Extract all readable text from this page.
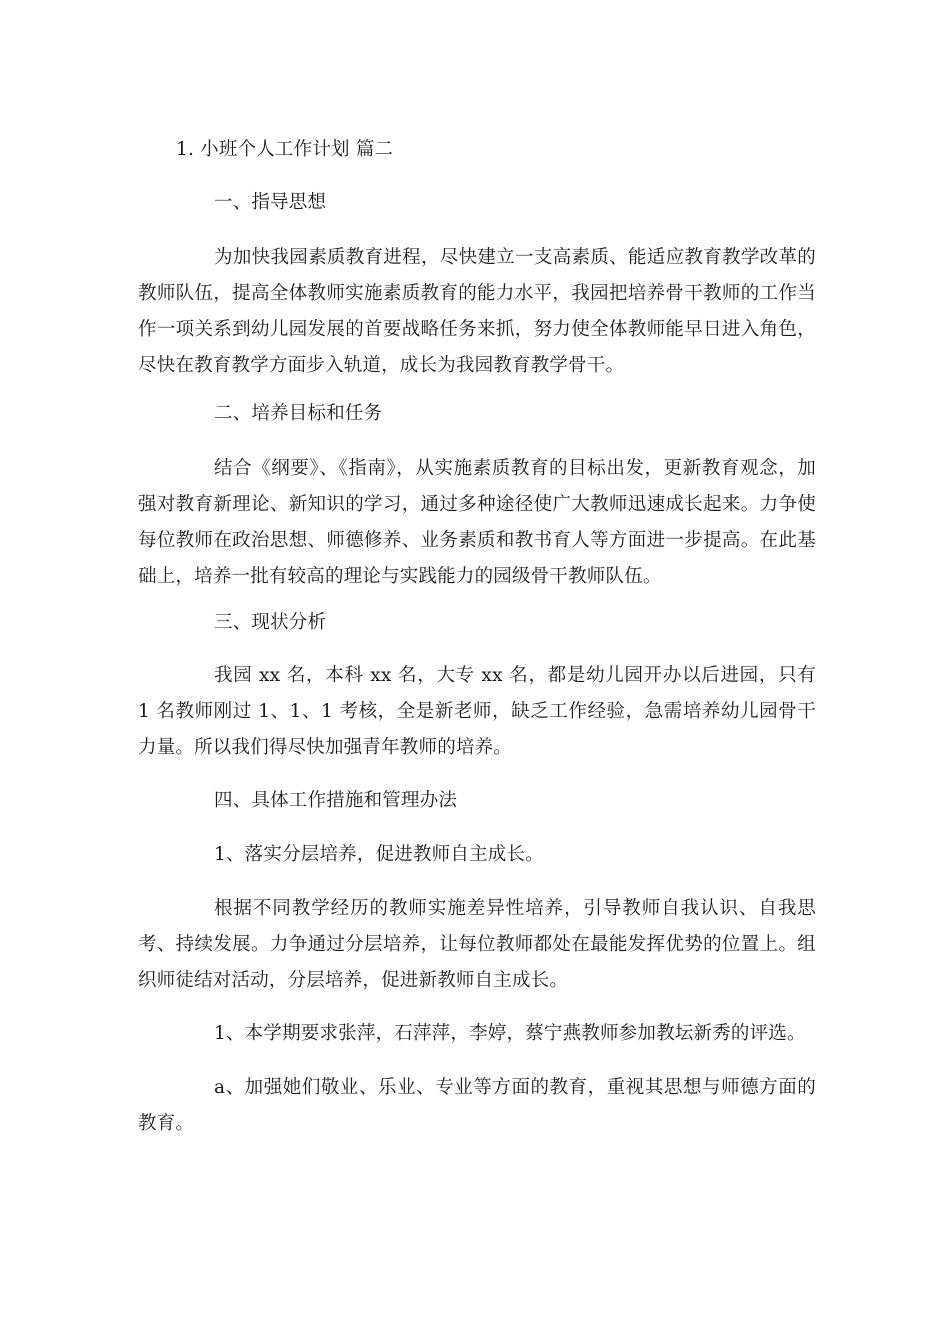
1. 小班个人工作计划 篇二
一、指导思想
为加快我园素质教育进程，尽快建立一支高素质、能适应教育教学改革的教师队伍，提高全体教师实施素质教育的能力水平，我园把培养骨干教师的工作当作一项关系到幼儿园发展的首要战略任务来抓，努力使全体教师能早日进入角色，尽快在教育教学方面步入轨道，成长为我园教育教学骨干。
二、培养目标和任务
结合《纲要》、《指南》，从实施素质教育的目标出发，更新教育观念，加强对教育新理论、新知识的学习，通过多种途径使广大教师迅速成长起来。力争使每位教师在政治思想、师德修养、业务素质和教书育人等方面进一步提高。在此基础上，培养一批有较高的理论与实践能力的园级骨干教师队伍。
三、现状分析
我园 xx 名，本科 xx 名，大专 xx 名，都是幼儿园开办以后进园，只有 1 名教师刚过 1、1、1 考核，全是新老师，缺乏工作经验，急需培养幼儿园骨干力量。所以我们得尽快加强青年教师的培养。
四、具体工作措施和管理办法
1、落实分层培养，促进教师自主成长。
根据不同教学经历的教师实施差异性培养，引导教师自我认识、自我思考、持续发展。力争通过分层培养，让每位教师都处在最能发挥优势的位置上。组织师徒结对活动，分层培养，促进新教师自主成长。
1、本学期要求张萍，石萍萍，李婷，蔡宁燕教师参加教坛新秀的评选。
a、加强她们敬业、乐业、专业等方面的教育，重视其思想与师德方面的教育。
